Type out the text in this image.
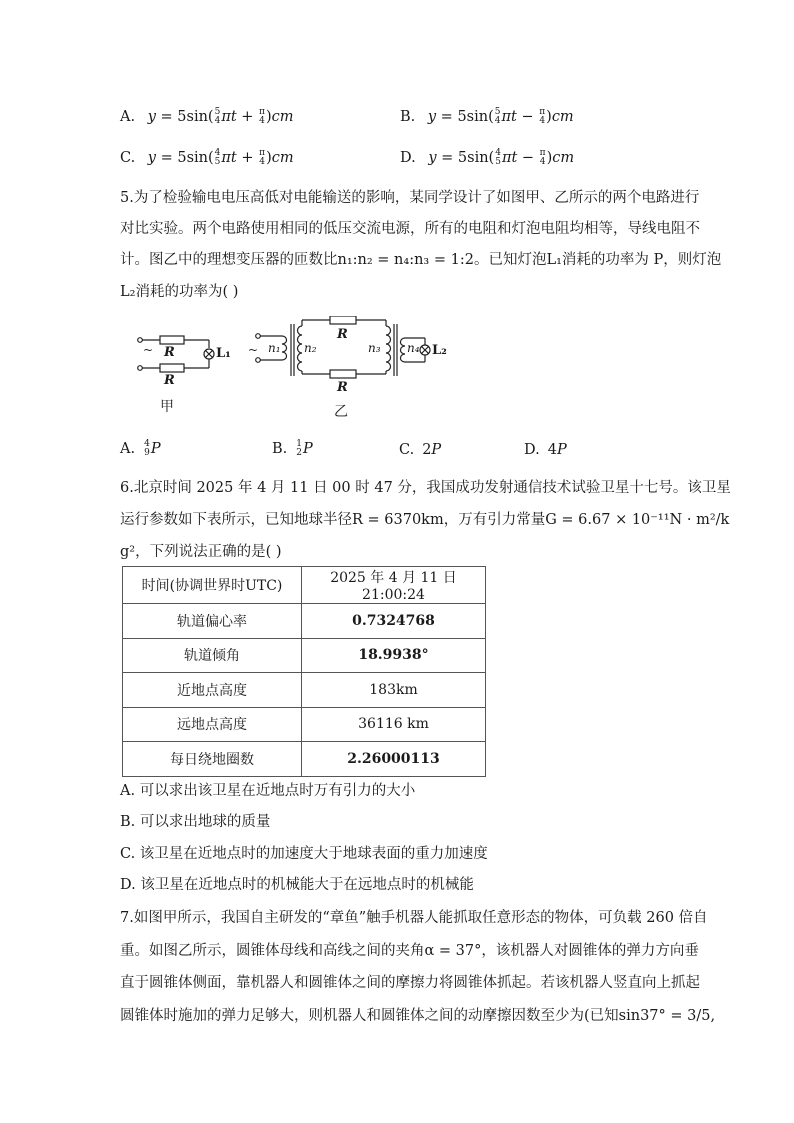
A. y = 5sin( 5
4 πt + π
4 )cm	B. y = 5sin( 5
4 πt − π
4 )cm
C. y = 5sin( 4
5 πt + π
4 )cm	D. y = 5sin( 4
5 πt − π
4 )cm
5.为了检验输电电压高低对电能输送的影响，某同学设计了如图甲、乙所示的两个电路进行
对比实验。两个电路使用相同的低压交流电源，所有的电阻和灯泡电阻均相等，导线电阻不
计。图乙中的理想变压器的匝数比n₁:n₂ = n₄:n₃ = 1:2。已知灯泡L₁消耗的功率为 P，则灯泡
L₂消耗的功率为( )
~ R
R
L₁
甲
~ n₁ n₂
R
R
n₃ n₄ L₂
乙
A. 4
9 P	B. 1
2 P	C. 2P	D. 4P
6.北京时间 2025 年 4 月 11 日 00 时 47 分，我国成功发射通信技术试验卫星十七号。该卫星
运行参数如下表所示，已知地球半径R = 6370km，万有引力常量G = 6.67 × 10⁻¹¹N · m²/k
g²，下列说法正确的是( )
时间(协调世界时UTC)	2025 年 4 月 11 日21:00:24
轨道偏心率	0.7324768
轨道倾角	18.9938°
近地点高度	183km
远地点高度	36116 km
每日绕地圈数	2.26000113
A. 可以求出该卫星在近地点时万有引力的大小
B. 可以求出地球的质量
C. 该卫星在近地点时的加速度大于地球表面的重力加速度
D. 该卫星在近地点时的机械能大于在远地点时的机械能
7.如图甲所示，我国自主研发的“章鱼”触手机器人能抓取任意形态的物体，可负载 260 倍自
重。如图乙所示，圆锥体母线和高线之间的夹角α = 37°，该机器人对圆锥体的弹力方向垂
直于圆锥体侧面，靠机器人和圆锥体之间的摩擦力将圆锥体抓起。若该机器人竖直向上抓起
圆锥体时施加的弹力足够大，则机器人和圆锥体之间的动摩擦因数至少为(已知sin37° = 3/5,
